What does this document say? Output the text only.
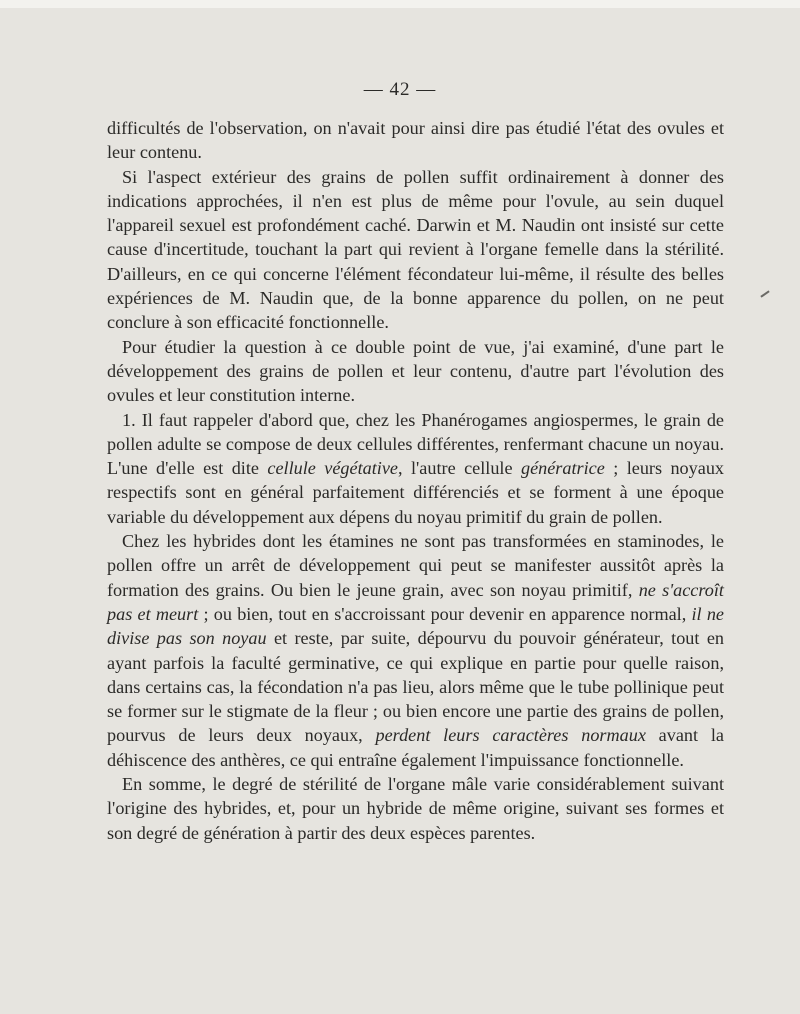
— 42 —

difficultés de l'observation, on n'avait pour ainsi dire pas étudié l'état des ovules et leur contenu.

Si l'aspect extérieur des grains de pollen suffit ordinairement à donner des indications approchées, il n'en est plus de même pour l'ovule, au sein duquel l'appareil sexuel est profondément caché. Darwin et M. Naudin ont insisté sur cette cause d'incertitude, touchant la part qui revient à l'organe femelle dans la stérilité. D'ailleurs, en ce qui concerne l'élément fécondateur lui-même, il résulte des belles expériences de M. Naudin que, de la bonne apparence du pollen, on ne peut conclure à son efficacité fonctionnelle.

Pour étudier la question à ce double point de vue, j'ai examiné, d'une part le développement des grains de pollen et leur contenu, d'autre part l'évolution des ovules et leur constitution interne.

1. Il faut rappeler d'abord que, chez les Phanérogames angiospermes, le grain de pollen adulte se compose de deux cellules différentes, renfermant chacune un noyau. L'une d'elle est dite cellule végétative, l'autre cellule génératrice ; leurs noyaux respectifs sont en général parfaitement différenciés et se forment à une époque variable du développement aux dépens du noyau primitif du grain de pollen.

Chez les hybrides dont les étamines ne sont pas transformées en staminodes, le pollen offre un arrêt de développement qui peut se manifester aussitôt après la formation des grains. Ou bien le jeune grain, avec son noyau primitif, ne s'accroît pas et meurt ; ou bien, tout en s'accroissant pour devenir en apparence normal, il ne divise pas son noyau et reste, par suite, dépourvu du pouvoir générateur, tout en ayant parfois la faculté germinative, ce qui explique en partie pour quelle raison, dans certains cas, la fécondation n'a pas lieu, alors même que le tube pollinique peut se former sur le stigmate de la fleur ; ou bien encore une partie des grains de pollen, pourvus de leurs deux noyaux, perdent leurs caractères normaux avant la déhiscence des anthères, ce qui entraîne également l'impuissance fonctionnelle.

En somme, le degré de stérilité de l'organe mâle varie considérablement suivant l'origine des hybrides, et, pour un hybride de même origine, suivant ses formes et son degré de génération à partir des deux espèces parentes.
